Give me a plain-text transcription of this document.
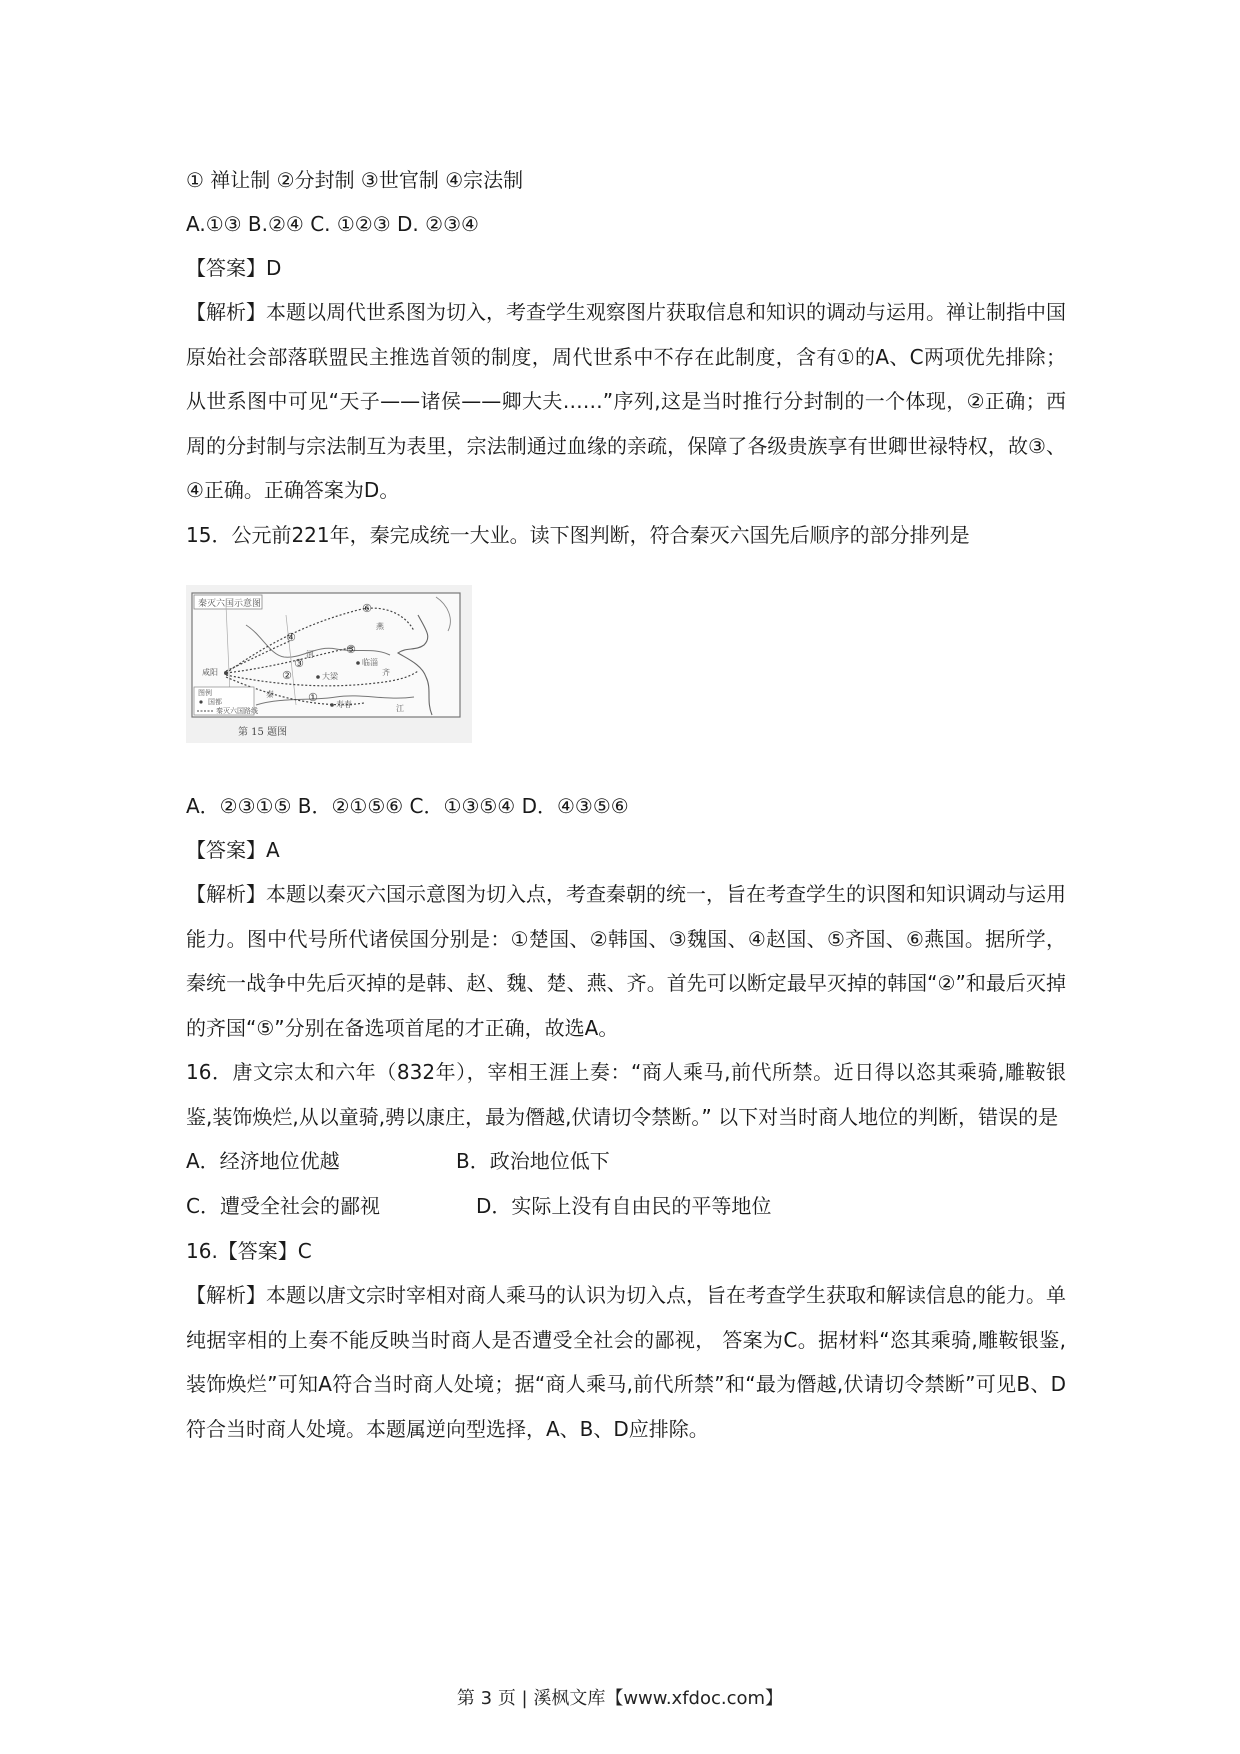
① 禅让制 ②分封制 ③世官制 ④宗法制

A.①③ B.②④ C. ①②③ D. ②③④

【答案】D

【解析】本题以周代世系图为切入，考查学生观察图片获取信息和知识的调动与运用。禅让制指中国原始社会部落联盟民主推选首领的制度，周代世系中不存在此制度，含有①的A、C两项优先排除；从世系图中可见“天子——诸侯——卿大夫……”序列,这是当时推行分封制的一个体现，②正确；西周的分封制与宗法制互为表里，宗法制通过血缘的亲疏，保障了各级贵族享有世卿世禄特权，故③、④正确。正确答案为D。

15．公元前221年，秦完成统一大业。读下图判断，符合秦灭六国先后顺序的部分排列是

秦灭六国示意图	⑥
④
⑤
③
②
①
燕
咸阳	大梁
临淄
齐
秦
寿春	江
河
图例
国都
秦灭六国路线
第 15 题图

A．②③①⑤ B．②①⑤⑥ C．①③⑤④ D．④③⑤⑥

【答案】A

【解析】本题以秦灭六国示意图为切入点，考查秦朝的统一，旨在考查学生的识图和知识调动与运用能力。图中代号所代诸侯国分别是：①楚国、②韩国、③魏国、④赵国、⑤齐国、⑥燕国。据所学，秦统一战争中先后灭掉的是韩、赵、魏、楚、燕、齐。首先可以断定最早灭掉的韩国“②”和最后灭掉的齐国“⑤”分别在备选项首尾的才正确，故选A。

16．唐文宗太和六年（832年），宰相王涯上奏：“商人乘马,前代所禁。近日得以恣其乘骑,雕鞍银鉴,装饰焕烂,从以童骑,骋以康庄，最为僭越,伏请切令禁断。” 以下对当时商人地位的判断，错误的是

A．经济地位优越	B．政治地位低下
C．遭受全社会的鄙视	D．实际上没有自由民的平等地位

16.【答案】C

【解析】本题以唐文宗时宰相对商人乘马的认识为切入点，旨在考查学生获取和解读信息的能力。单纯据宰相的上奏不能反映当时商人是否遭受全社会的鄙视， 答案为C。据材料“恣其乘骑,雕鞍银鉴,装饰焕烂”可知A符合当时商人处境；据“商人乘马,前代所禁”和“最为僭越,伏请切令禁断”可见B、D符合当时商人处境。本题属逆向型选择，A、B、D应排除。

第 3 页 | 溪枫文库【www.xfdoc.com】
